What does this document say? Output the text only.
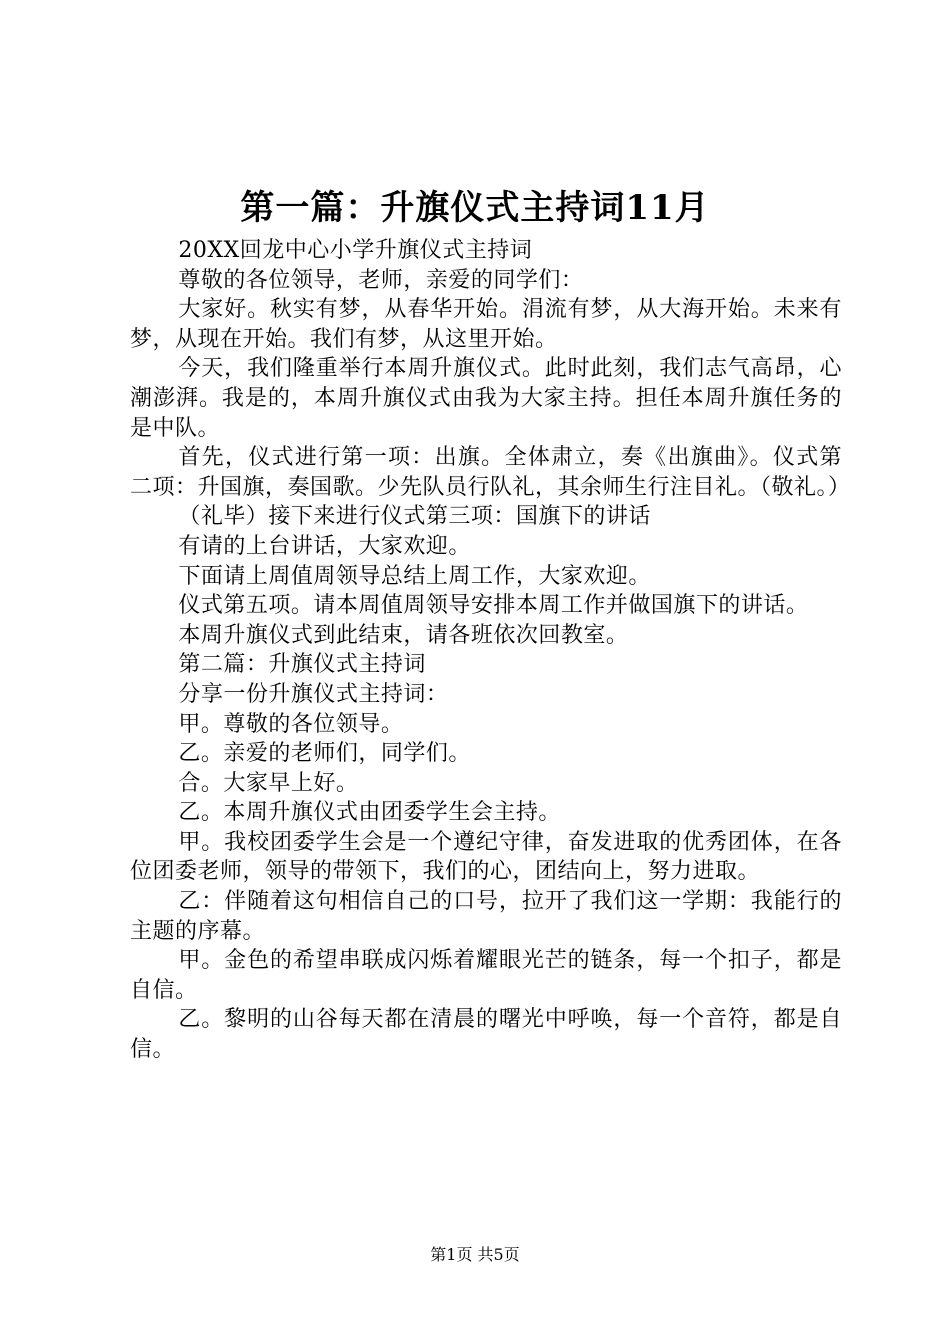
第一篇：升旗仪式主持词11月

20XX回龙中心小学升旗仪式主持词

尊敬的各位领导，老师，亲爱的同学们：

大家好。秋实有梦，从春华开始。涓流有梦，从大海开始。未来有梦，从现在开始。我们有梦，从这里开始。

今天，我们隆重举行本周升旗仪式。此时此刻，我们志气高昂，心潮澎湃。我是的，本周升旗仪式由我为大家主持。担任本周升旗任务的是中队。

首先，仪式进行第一项：出旗。全体肃立，奏《出旗曲》。仪式第二项：升国旗，奏国歌。少先队员行队礼，其余师生行注目礼。（敬礼。）

（礼毕）接下来进行仪式第三项：国旗下的讲话

有请的上台讲话，大家欢迎。

下面请上周值周领导总结上周工作，大家欢迎。

仪式第五项。请本周值周领导安排本周工作并做国旗下的讲话。

本周升旗仪式到此结束，请各班依次回教室。

第二篇：升旗仪式主持词

分享一份升旗仪式主持词：

甲。尊敬的各位领导。

乙。亲爱的老师们，同学们。

合。大家早上好。

乙。本周升旗仪式由团委学生会主持。

甲。我校团委学生会是一个遵纪守律，奋发进取的优秀团体，在各位团委老师，领导的带领下，我们的心，团结向上，努力进取。

乙：伴随着这句相信自己的口号，拉开了我们这一学期：我能行的主题的序幕。

甲。金色的希望串联成闪烁着耀眼光芒的链条，每一个扣子，都是自信。

乙。黎明的山谷每天都在清晨的曙光中呼唤，每一个音符，都是自信。

第1页 共5页
